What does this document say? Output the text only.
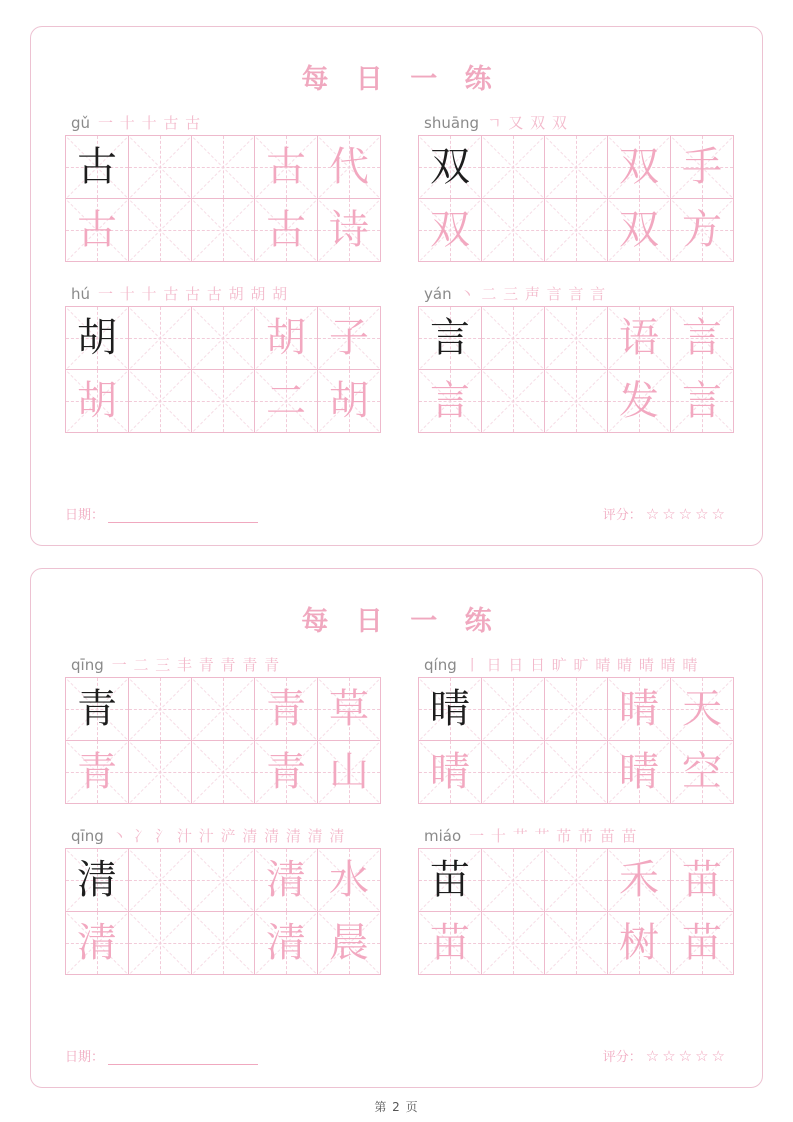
每 日 一 练
gǔ 一 十 十 古 古
古	古 代
古	古 诗
hú 一 十 十 古 古 古 胡 胡 胡
胡	胡 子
胡	二 胡
shuāng ㄱ 又 双 双
双	双 手
双	双 方
yán 丶 二 三 声 言 言 言
言	语 言
言	发 言
日期：	评分： ☆☆☆☆☆
每 日 一 练
qīng 一 二 三 丰 青 青 青 青
青	青 草
青	青 山
qīng 丶 冫 氵 汁 汁 浐 清 清 清 清 清
清	清 水
清	清 晨
qíng 丨 日 日 日 旷 旷 晴 晴 晴 晴 晴
晴	晴 天
晴	晴 空
miáo 一 十 艹 艹 芇 芇 苗 苗
苗	禾 苗
苗	树 苗
日期：	评分： ☆☆☆☆☆
第 2 页
